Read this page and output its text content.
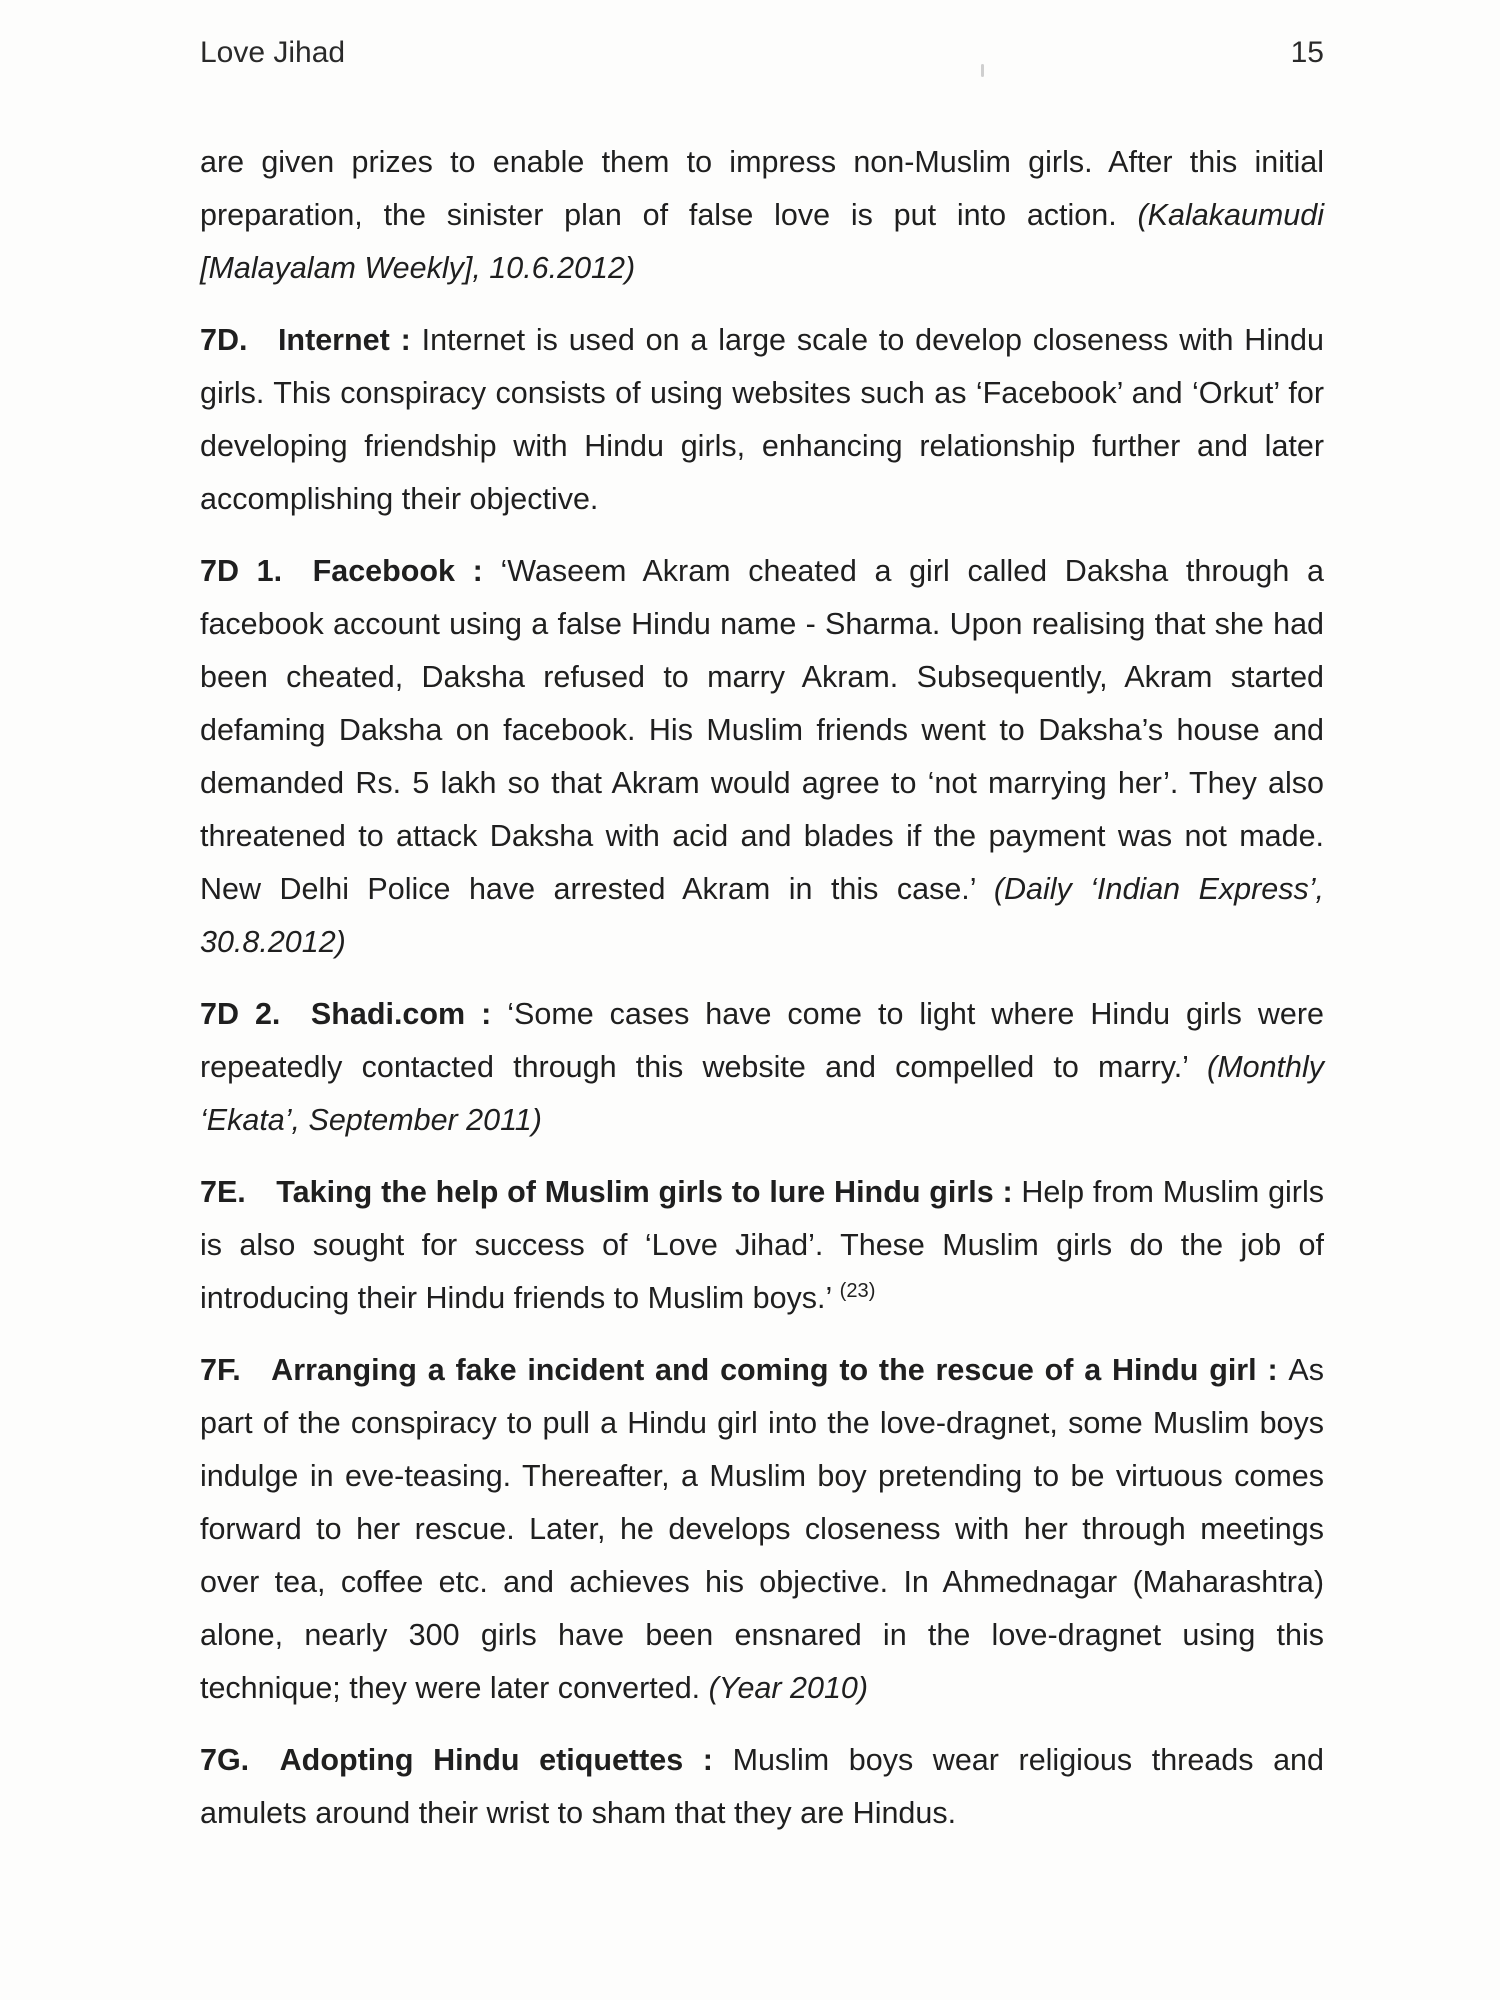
Love Jihad	15

are given prizes to enable them to impress non-Muslim girls. After this initial preparation, the sinister plan of false love is put into action. (Kalakaumudi [Malayalam Weekly], 10.6.2012)

7D. Internet : Internet is used on a large scale to develop closeness with Hindu girls. This conspiracy consists of using websites such as ‘Facebook’ and ‘Orkut’ for developing friendship with Hindu girls, enhancing relationship further and later accomplishing their objective.

7D 1. Facebook : ‘Waseem Akram cheated a girl called Daksha through a facebook account using a false Hindu name - Sharma. Upon realising that she had been cheated, Daksha refused to marry Akram. Subsequently, Akram started defaming Daksha on facebook. His Muslim friends went to Daksha’s house and demanded Rs. 5 lakh so that Akram would agree to ‘not marrying her’. They also threatened to attack Daksha with acid and blades if the payment was not made. New Delhi Police have arrested Akram in this case.’ (Daily ‘Indian Express’, 30.8.2012)

7D 2. Shadi.com : ‘Some cases have come to light where Hindu girls were repeatedly contacted through this website and compelled to marry.’ (Monthly ‘Ekata’, September 2011)

7E. Taking the help of Muslim girls to lure Hindu girls : Help from Muslim girls is also sought for success of ‘Love Jihad’. These Muslim girls do the job of introducing their Hindu friends to Muslim boys.’ $^{(23)}$

7F. Arranging a fake incident and coming to the rescue of a Hindu girl : As part of the conspiracy to pull a Hindu girl into the love-dragnet, some Muslim boys indulge in eve-teasing. Thereafter, a Muslim boy pretending to be virtuous comes forward to her rescue. Later, he develops closeness with her through meetings over tea, coffee etc. and achieves his objective. In Ahmednagar (Maharashtra) alone, nearly 300 girls have been ensnared in the love-dragnet using this technique; they were later converted. (Year 2010)

7G. Adopting Hindu etiquettes : Muslim boys wear religious threads and amulets around their wrist to sham that they are Hindus.
